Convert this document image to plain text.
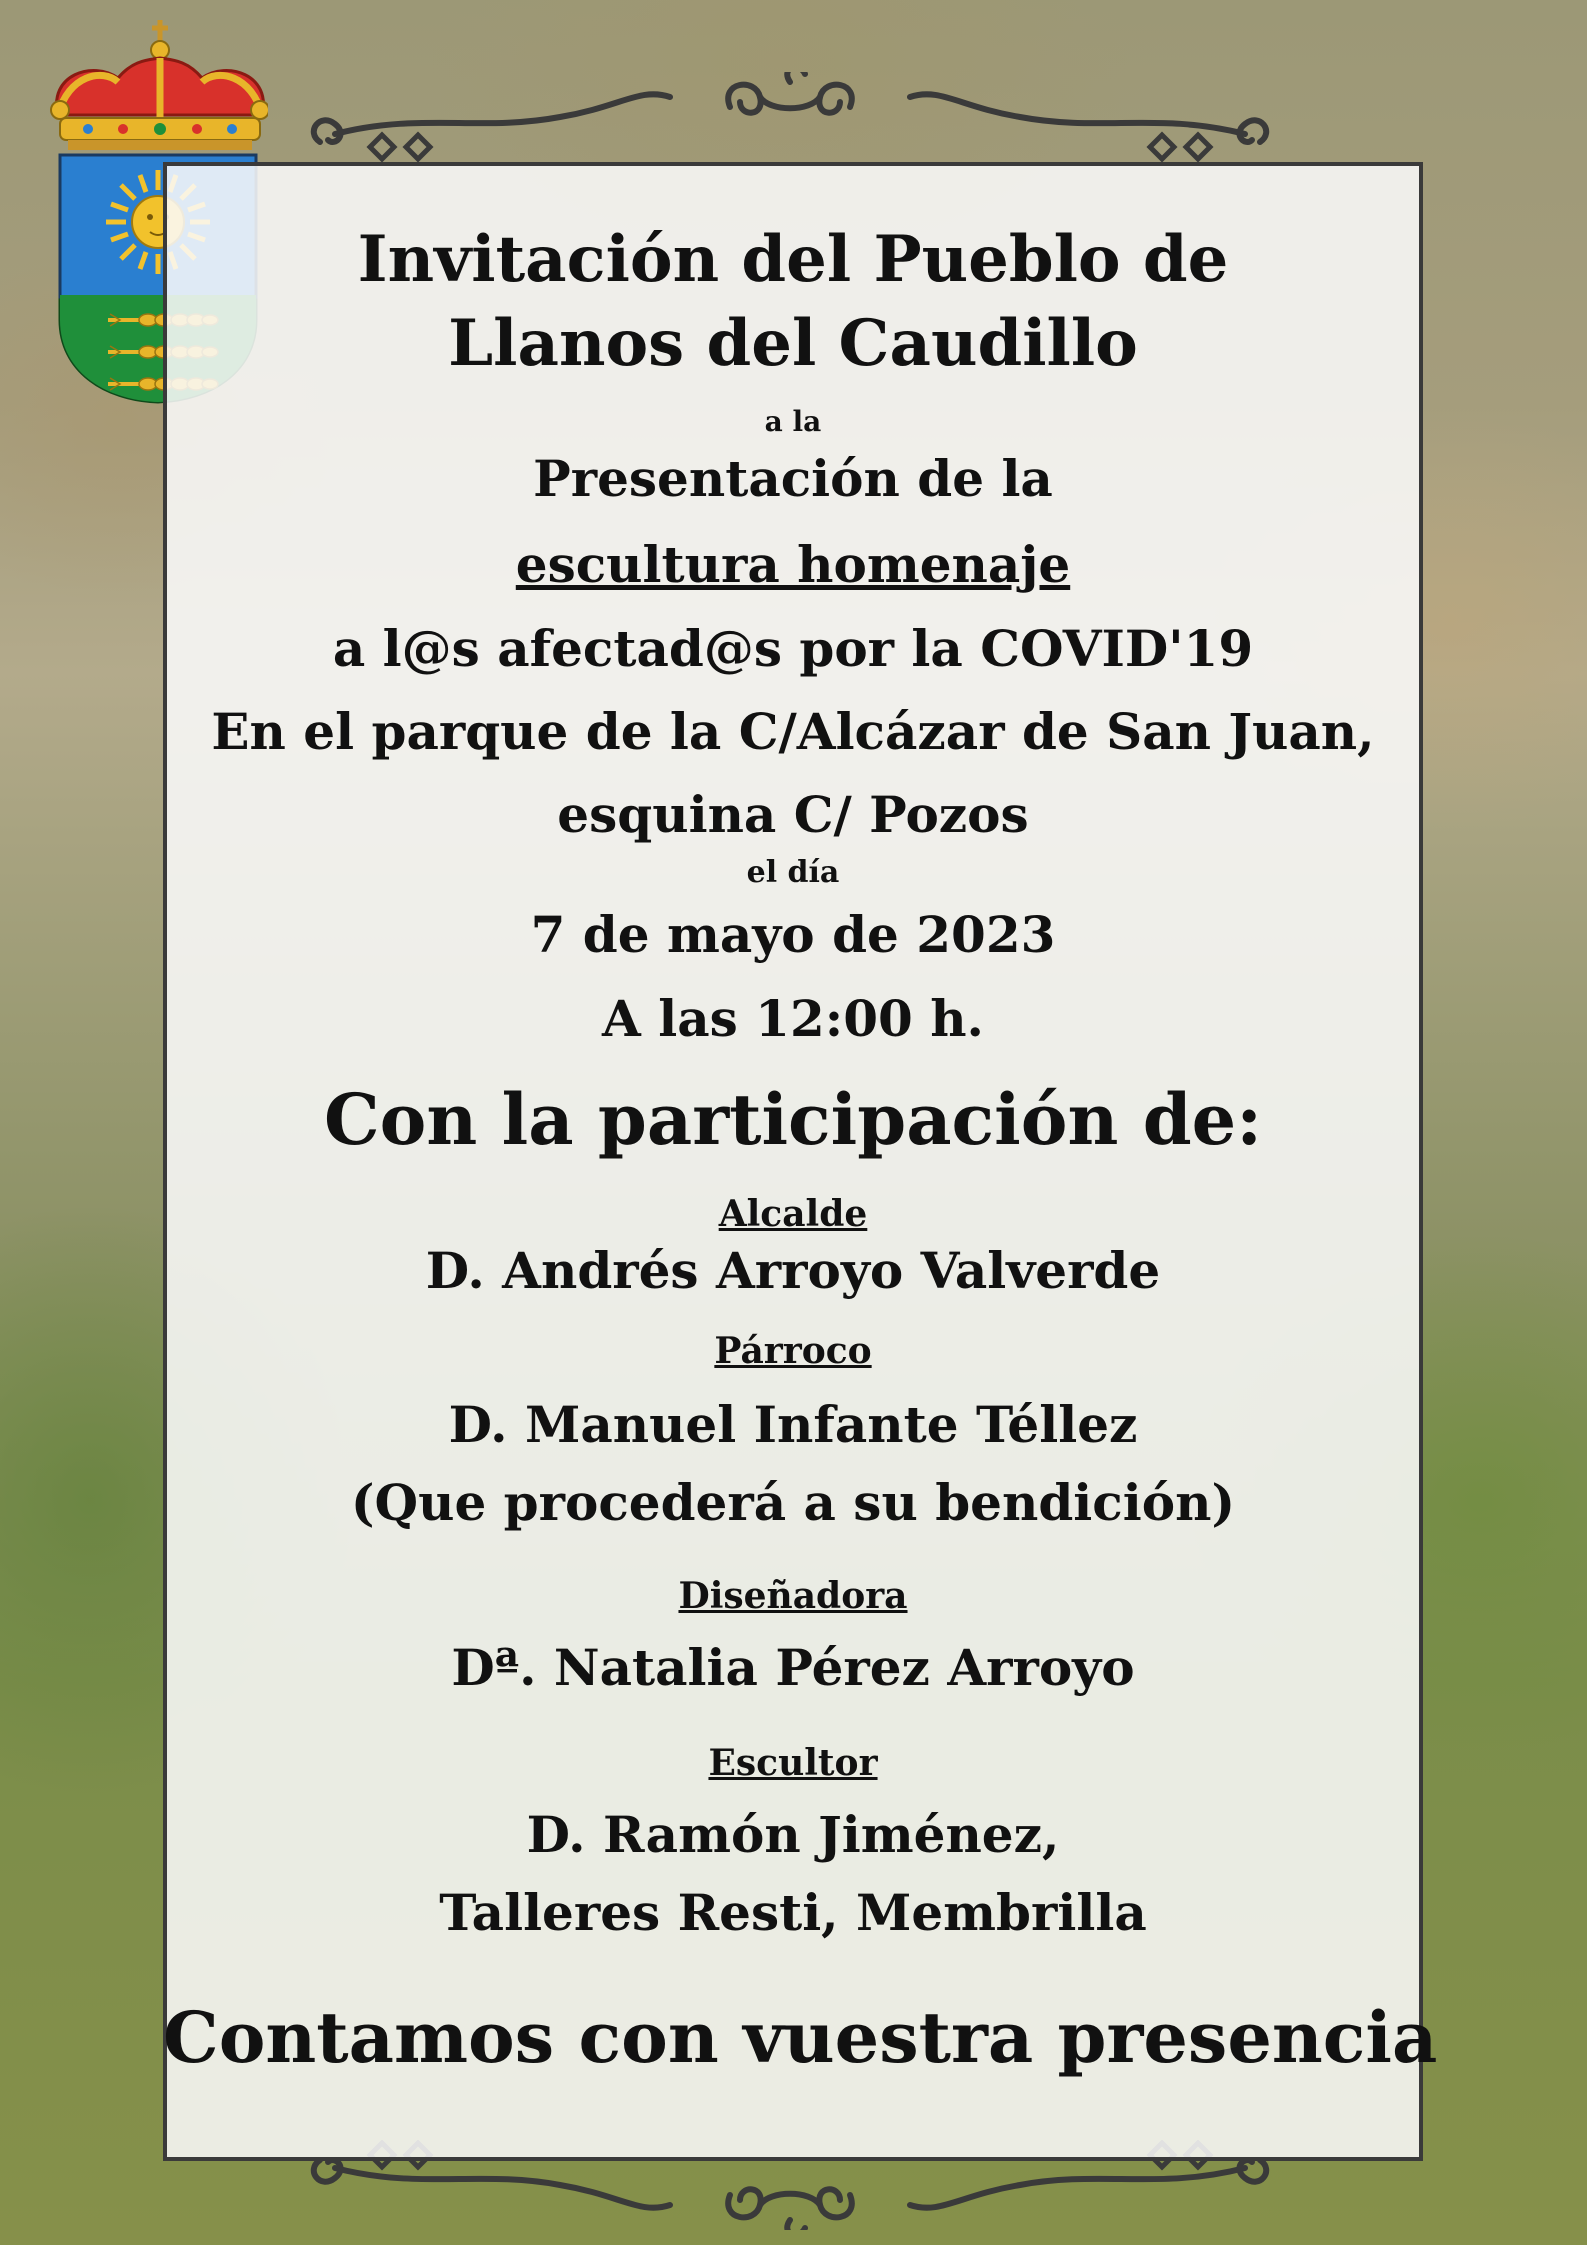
Invitación del Pueblo de

Llanos del Caudillo

a la

Presentación de la

escultura homenaje

a l@s afectad@s por la COVID'19

En el parque de la C/Alcázar de San Juan,

esquina C/ Pozos

el día

7 de mayo de 2023

A las 12:00 h.

Con la participación de:

Alcalde

D. Andrés Arroyo Valverde

Párroco

D. Manuel Infante Téllez

(Que procederá a su bendición)

Diseñadora

Dª. Natalia Pérez Arroyo

Escultor

D. Ramón Jiménez,

Talleres Resti, Membrilla

Contamos con vuestra presencia
